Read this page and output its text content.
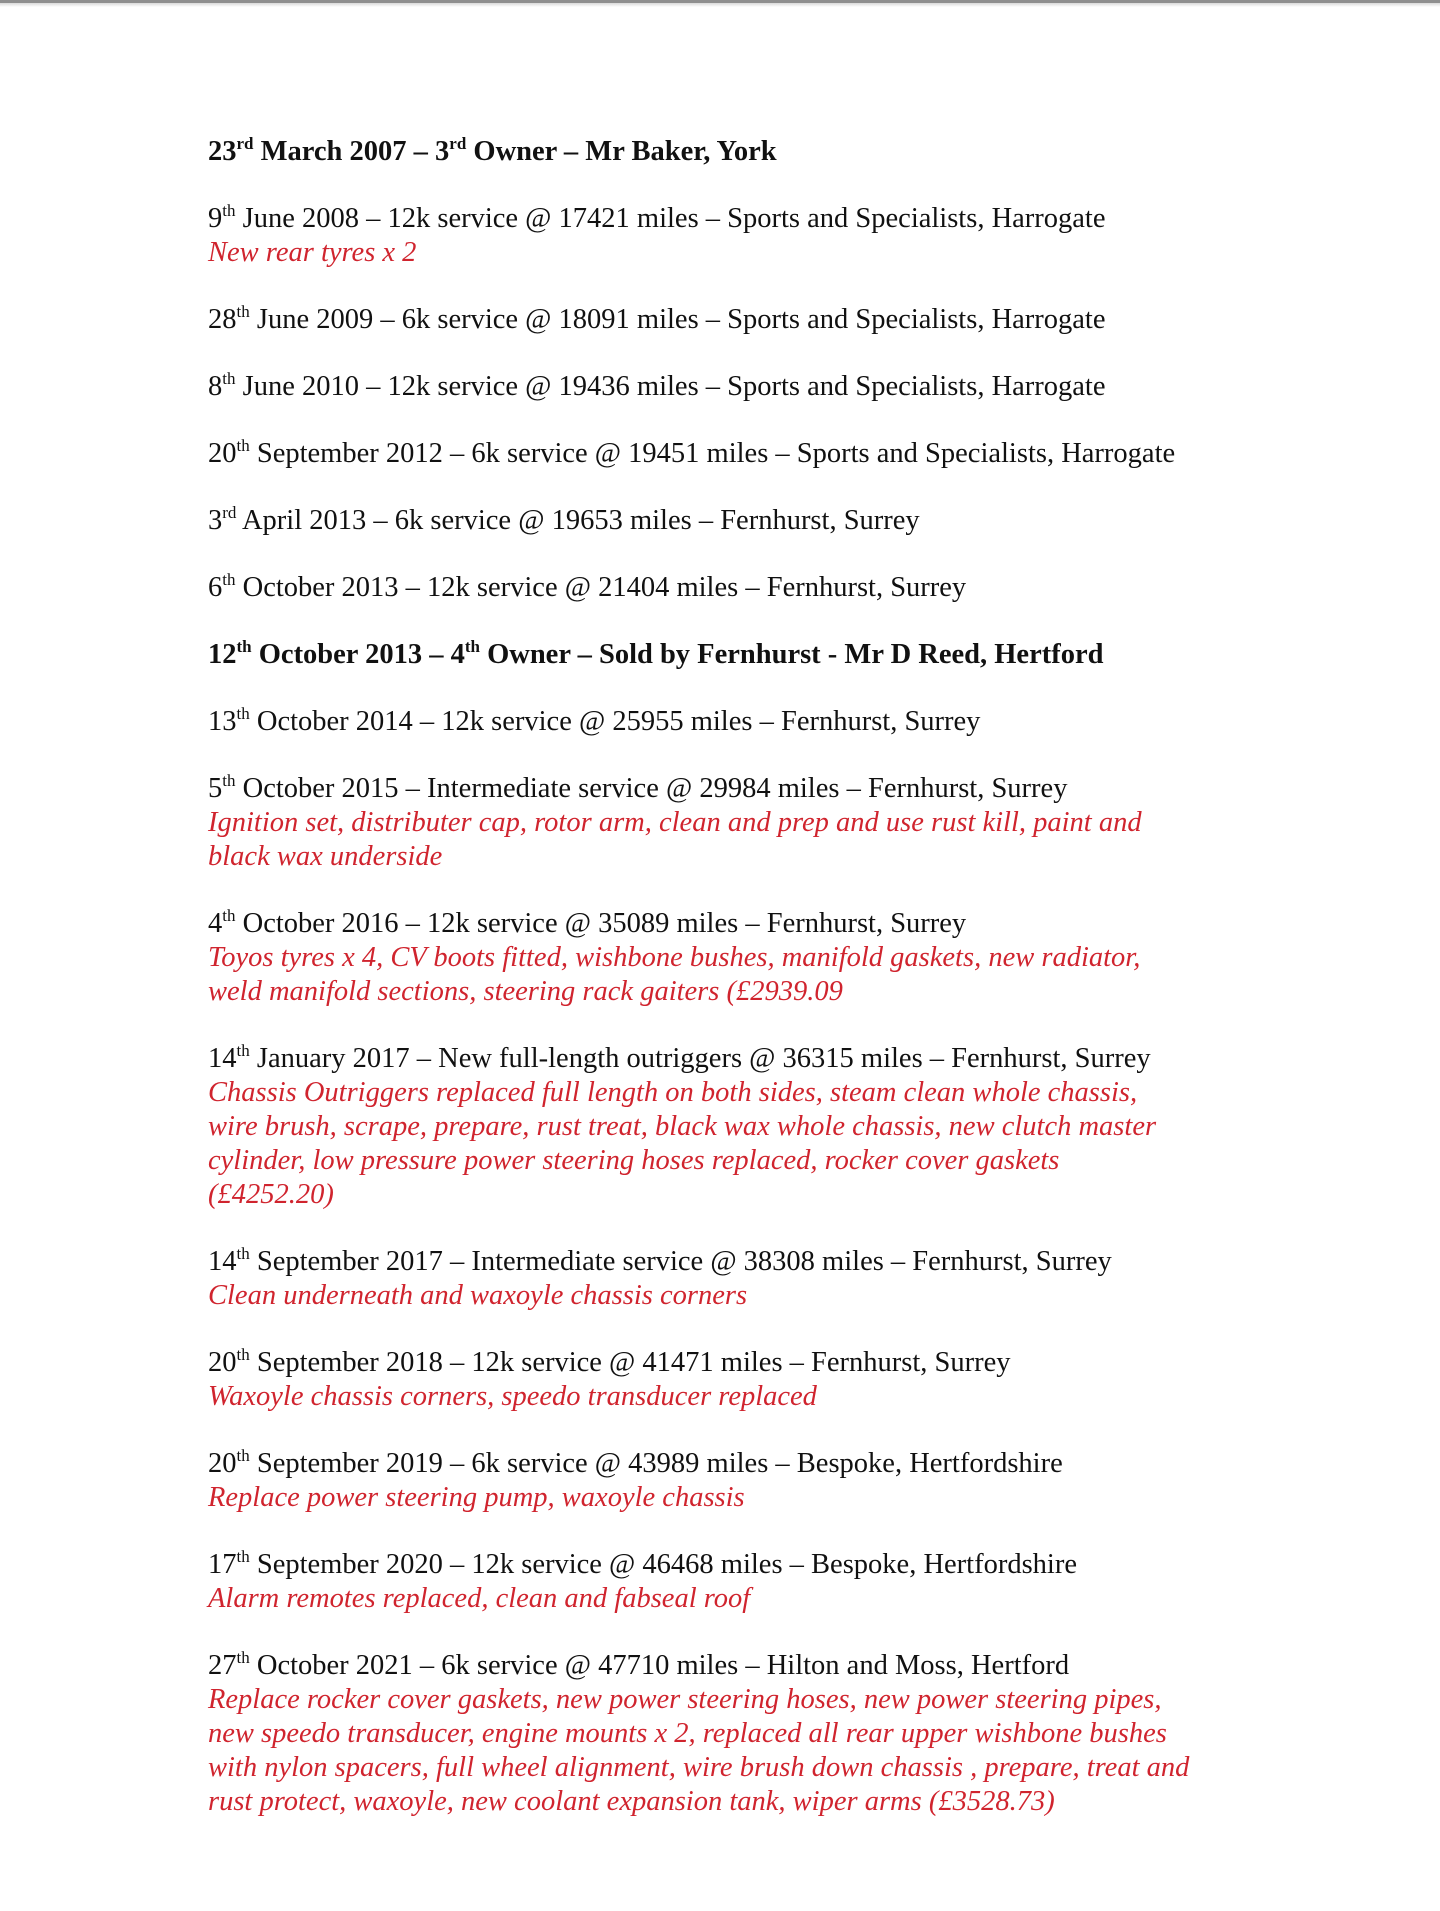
23rd March 2007 – 3rd Owner – Mr Baker, York
9th June 2008 – 12k service @ 17421 miles – Sports and Specialists, Harrogate
New rear tyres x 2
28th June 2009 – 6k service @ 18091 miles – Sports and Specialists, Harrogate
8th June 2010 – 12k service @ 19436 miles – Sports and Specialists, Harrogate
20th September 2012 – 6k service @ 19451 miles – Sports and Specialists, Harrogate
3rd April 2013 – 6k service @ 19653 miles – Fernhurst, Surrey
6th October 2013 – 12k service @ 21404 miles – Fernhurst, Surrey
12th October 2013 – 4th Owner – Sold by Fernhurst - Mr D Reed, Hertford
13th October 2014 – 12k service @ 25955 miles – Fernhurst, Surrey
5th October 2015 – Intermediate service @ 29984 miles – Fernhurst, Surrey
Ignition set, distributer cap, rotor arm, clean and prep and use rust kill, paint and
black wax underside
4th October 2016 – 12k service @ 35089 miles – Fernhurst, Surrey
Toyos tyres x 4, CV boots fitted, wishbone bushes, manifold gaskets, new radiator,
weld manifold sections, steering rack gaiters (£2939.09
14th January 2017 – New full-length outriggers @ 36315 miles – Fernhurst, Surrey
Chassis Outriggers replaced full length on both sides, steam clean whole chassis,
wire brush, scrape, prepare, rust treat, black wax whole chassis, new clutch master
cylinder, low pressure power steering hoses replaced, rocker cover gaskets
(£4252.20)
14th September 2017 – Intermediate service @ 38308 miles – Fernhurst, Surrey
Clean underneath and waxoyle chassis corners
20th September 2018 – 12k service @ 41471 miles – Fernhurst, Surrey
Waxoyle chassis corners, speedo transducer replaced
20th September 2019 – 6k service @ 43989 miles – Bespoke, Hertfordshire
Replace power steering pump, waxoyle chassis
17th September 2020 – 12k service @ 46468 miles – Bespoke, Hertfordshire
Alarm remotes replaced, clean and fabseal roof
27th October 2021 – 6k service @ 47710 miles – Hilton and Moss, Hertford
Replace rocker cover gaskets, new power steering hoses, new power steering pipes,
new speedo transducer, engine mounts x 2, replaced all rear upper wishbone bushes
with nylon spacers, full wheel alignment, wire brush down chassis , prepare, treat and
rust protect, waxoyle, new coolant expansion tank, wiper arms (£3528.73)
